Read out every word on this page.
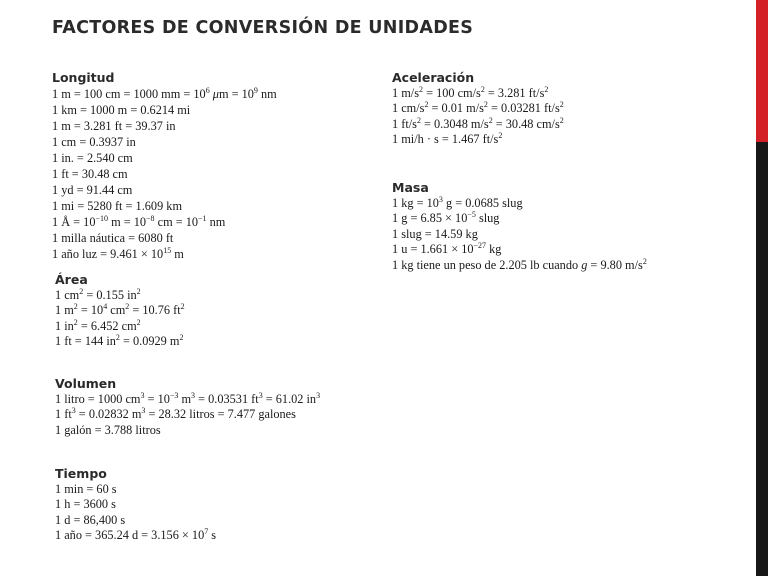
FACTORES DE CONVERSIÓN DE UNIDADES
Longitud
1 m = 100 cm = 1000 mm = $10^6$ $\mu m = 10^9$ nm
1 km = 1000 m = 0.6214 mi
1 m = 3.281 ft = 39.37 in
1 cm = 0.3937 in
1 in. = 2.540 cm
1 ft = 30.48 cm
1 yd = 91.44 cm
1 mi = 5280 ft = 1.609 km
1 Å = $10^{-10}$ $m = 10^{-8}$ cm = $10^{-1}$ nm
1 milla náutica = 6080 ft
1 año luz = $9.461 \times 10^{15}$ m
Área
1 $cm^2 = 0.155$ $in^2$
1 $m^2 = 10^4$ $cm^2 = 10.76$ $ft^2$
1 $in^2 = 6.452$ $cm^2$
1 ft = 144 $in^2 = 0.0929$ $m^2$
Volumen
1 litro = 1000 $cm^3 = 10^{-3}$ $m^3 = 0.03531$ $ft^3 = 61.02$ $in^3$
1 $ft^3 = 0.02832$ $m^3 = 28.32$ litros = 7.477 galones
1 galón = 3.788 litros
Tiempo
1 min = 60 s
1 h = 3600 s
1 d = 86,400 s
1 año = 365.24 $d = 3.156 \times 10^7$ s
Aceleración
1 $m/s^2 = 100$ $cm/s^2 = 3.281$ $ft/s^2$
1 $cm/s^2 = 0.01$ $m/s^2 = 0.03281$ $ft/s^2$
1 $ft/s^2 = 0.3048$ $m/s^2 = 30.48$ $cm/s^2$
1 mi/h · s = 1.467 $ft/s^2$
Masa
1 kg = $10^3$ g = 0.0685 slug
1 $g = 6.85 \times 10^{-5}$ slug
1 slug = 14.59 kg
1 $u = 1.661 \times 10^{-27}$ kg
1 kg tiene un peso de 2.205 lb cuando g = 9.80 $m/s^2$
